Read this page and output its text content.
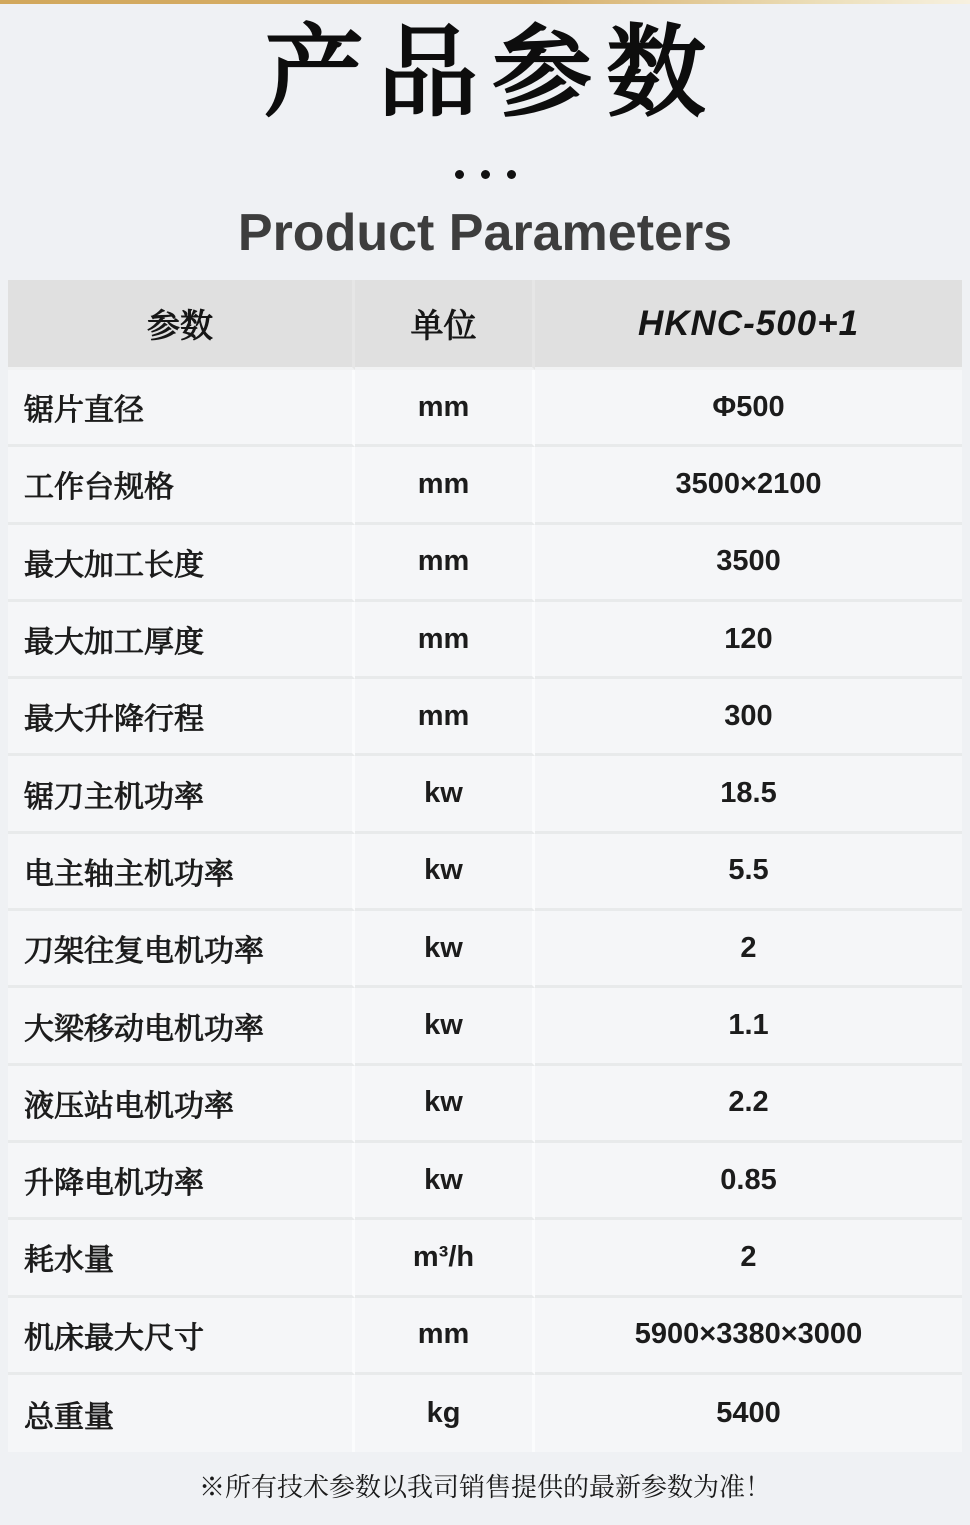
产品参数
Product Parameters
参数	单位	HKNC-500+1
锯片直径	mm	Φ500
工作台规格	mm	3500×2100
最大加工长度	mm	3500
最大加工厚度	mm	120
最大升降行程	mm	300
锯刀主机功率	kw	18.5
电主轴主机功率	kw	5.5
刀架往复电机功率	kw	2
大梁移动电机功率	kw	1.1
液压站电机功率	kw	2.2
升降电机功率	kw	0.85
耗水量	m³/h	2
机床最大尺寸	mm	5900×3380×3000
总重量	kg	5400
※所有技术参数以我司销售提供的最新参数为准！
